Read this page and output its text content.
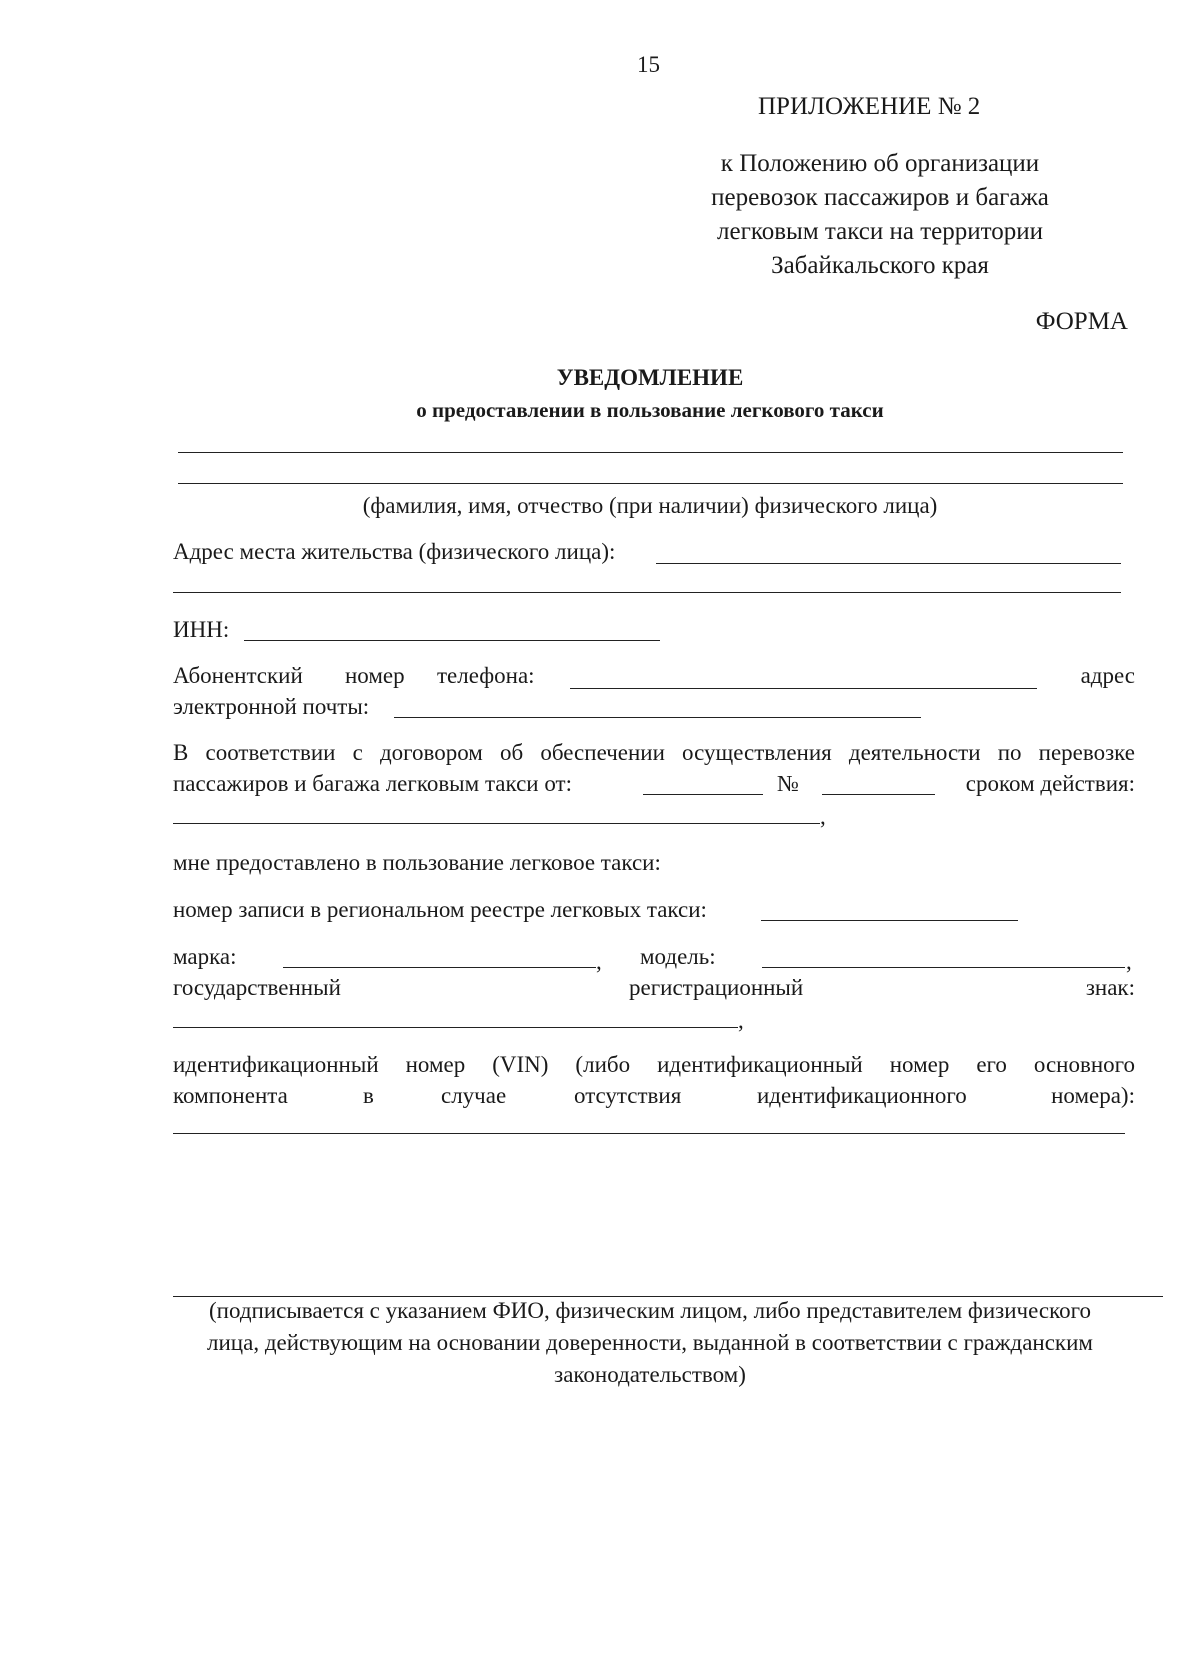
15
ПРИЛОЖЕНИЕ № 2
к Положению об организации
перевозок пассажиров и багажа
легковым такси на территории
Забайкальского края
ФОРМА
УВЕДОМЛЕНИЕ
о предоставлении в пользование легкового такси
(фамилия, имя, отчество (при наличии) физического лица)
Адрес места жительства (физического лица):
ИНН:
Абонентский номер телефона:	адрес
электронной почты:
В соответствии с договором об обеспечении осуществления деятельности по перевозке
пассажиров и багажа легковым такси от:	№	сроком действия:
,
мне предоставлено в пользование легковое такси:
номер записи в региональном реестре легковых такси:
марка:	, модель:	,
государственный	регистрационный	знак:
,
идентификационный номер (VIN) (либо идентификационный номер его основного
компонента	в	случае	отсутствия	идентификационного	номера):
(подписывается с указанием ФИО, физическим лицом, либо представителем физического
лица, действующим на основании доверенности, выданной в соответствии с гражданским
законодательством)
